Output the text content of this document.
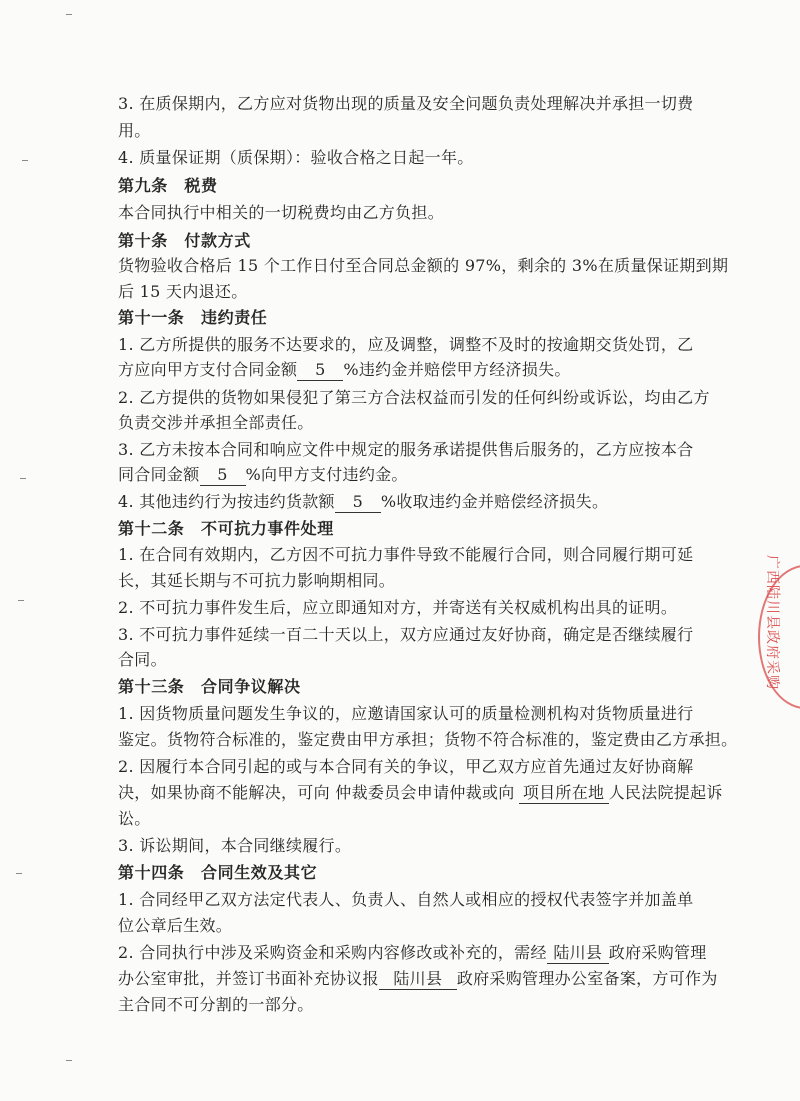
3. 在质保期内，乙方应对货物出现的质量及安全问题负责处理解决并承担一切费
用。
4. 质量保证期（质保期）：验收合格之日起一年。
第九条　税费
本合同执行中相关的一切税费均由乙方负担。
第十条　付款方式
货物验收合格后 15 个工作日付至合同总金额的 97%，剩余的 3%在质量保证期到期
后 15 天内退还。
第十一条　违约责任
1. 乙方所提供的服务不达要求的，应及调整，调整不及时的按逾期交货处罚，乙
方应向甲方支付合同金额 5 %违约金并赔偿甲方经济损失。
2. 乙方提供的货物如果侵犯了第三方合法权益而引发的任何纠纷或诉讼，均由乙方
负责交涉并承担全部责任。
3. 乙方未按本合同和响应文件中规定的服务承诺提供售后服务的，乙方应按本合
同合同金额 5 %向甲方支付违约金。
4. 其他违约行为按违约货款额 5 %收取违约金并赔偿经济损失。
第十二条　不可抗力事件处理
1. 在合同有效期内，乙方因不可抗力事件导致不能履行合同，则合同履行期可延
长，其延长期与不可抗力影响期相同。
2. 不可抗力事件发生后，应立即通知对方，并寄送有关权威机构出具的证明。
3. 不可抗力事件延续一百二十天以上，双方应通过友好协商，确定是否继续履行
合同。
第十三条　合同争议解决
1. 因货物质量问题发生争议的，应邀请国家认可的质量检测机构对货物质量进行
鉴定。货物符合标准的，鉴定费由甲方承担；货物不符合标准的，鉴定费由乙方承担。
2. 因履行本合同引起的或与本合同有关的争议，甲乙双方应首先通过友好协商解
决，如果协商不能解决，可向 仲裁委员会申请仲裁或向 项目所在地 人民法院提起诉
讼。
3. 诉讼期间，本合同继续履行。
第十四条　合同生效及其它
1. 合同经甲乙双方法定代表人、负责人、自然人或相应的授权代表签字并加盖单
位公章后生效。
2. 合同执行中涉及采购资金和采购内容修改或补充的，需经 陆川县 政府采购管理
办公室审批，并签订书面补充协议报 陆川县 政府采购管理办公室备案，方可作为
主合同不可分割的一部分。
广西陆川县政府采购
